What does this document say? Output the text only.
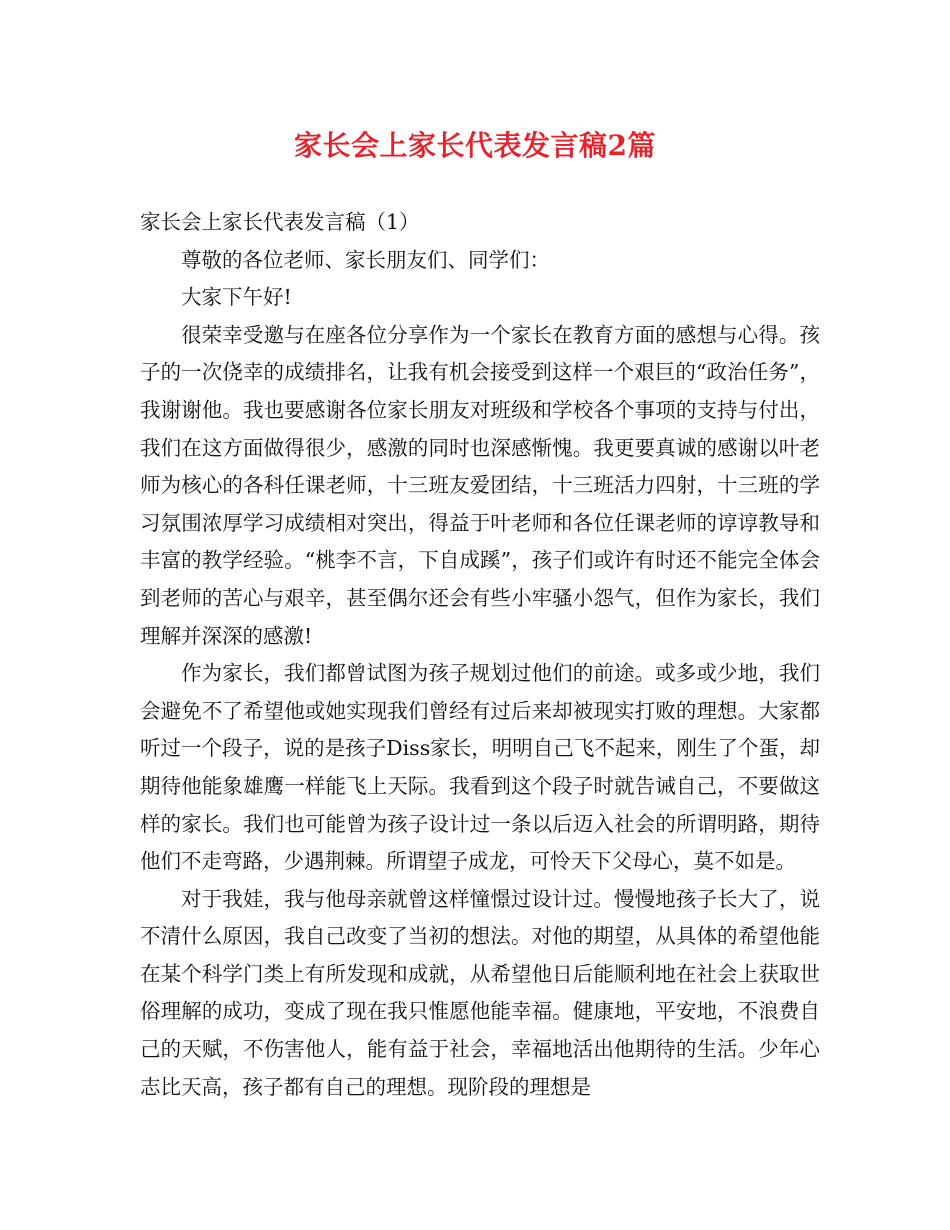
家长会上家长代表发言稿2篇

家长会上家长代表发言稿（1）

尊敬的各位老师、家长朋友们、同学们：

大家下午好!

很荣幸受邀与在座各位分享作为一个家长在教育方面的感想与心得。孩子的一次侥幸的成绩排名，让我有机会接受到这样一个艰巨的“政治任务”，我谢谢他。我也要感谢各位家长朋友对班级和学校各个事项的支持与付出，我们在这方面做得很少，感激的同时也深感惭愧。我更要真诚的感谢以叶老师为核心的各科任课老师，十三班友爱团结，十三班活力四射，十三班的学习氛围浓厚学习成绩相对突出，得益于叶老师和各位任课老师的谆谆教导和丰富的教学经验。“桃李不言，下自成蹊”，孩子们或许有时还不能完全体会到老师的苦心与艰辛，甚至偶尔还会有些小牢骚小怨气，但作为家长，我们理解并深深的感激!

作为家长，我们都曾试图为孩子规划过他们的前途。或多或少地，我们会避免不了希望他或她实现我们曾经有过后来却被现实打败的理想。大家都听过一个段子，说的是孩子Diss家长，明明自己飞不起来，刚生了个蛋，却期待他能象雄鹰一样能飞上天际。我看到这个段子时就告诫自己，不要做这样的家长。我们也可能曾为孩子设计过一条以后迈入社会的所谓明路，期待他们不走弯路，少遇荆棘。所谓望子成龙，可怜天下父母心，莫不如是。

对于我娃，我与他母亲就曾这样憧憬过设计过。慢慢地孩子长大了，说不清什么原因，我自己改变了当初的想法。对他的期望，从具体的希望他能在某个科学门类上有所发现和成就，从希望他日后能顺利地在社会上获取世俗理解的成功，变成了现在我只惟愿他能幸福。健康地，平安地，不浪费自己的天赋，不伤害他人，能有益于社会，幸福地活出他期待的生活。少年心志比天高，孩子都有自己的理想。现阶段的理想是
